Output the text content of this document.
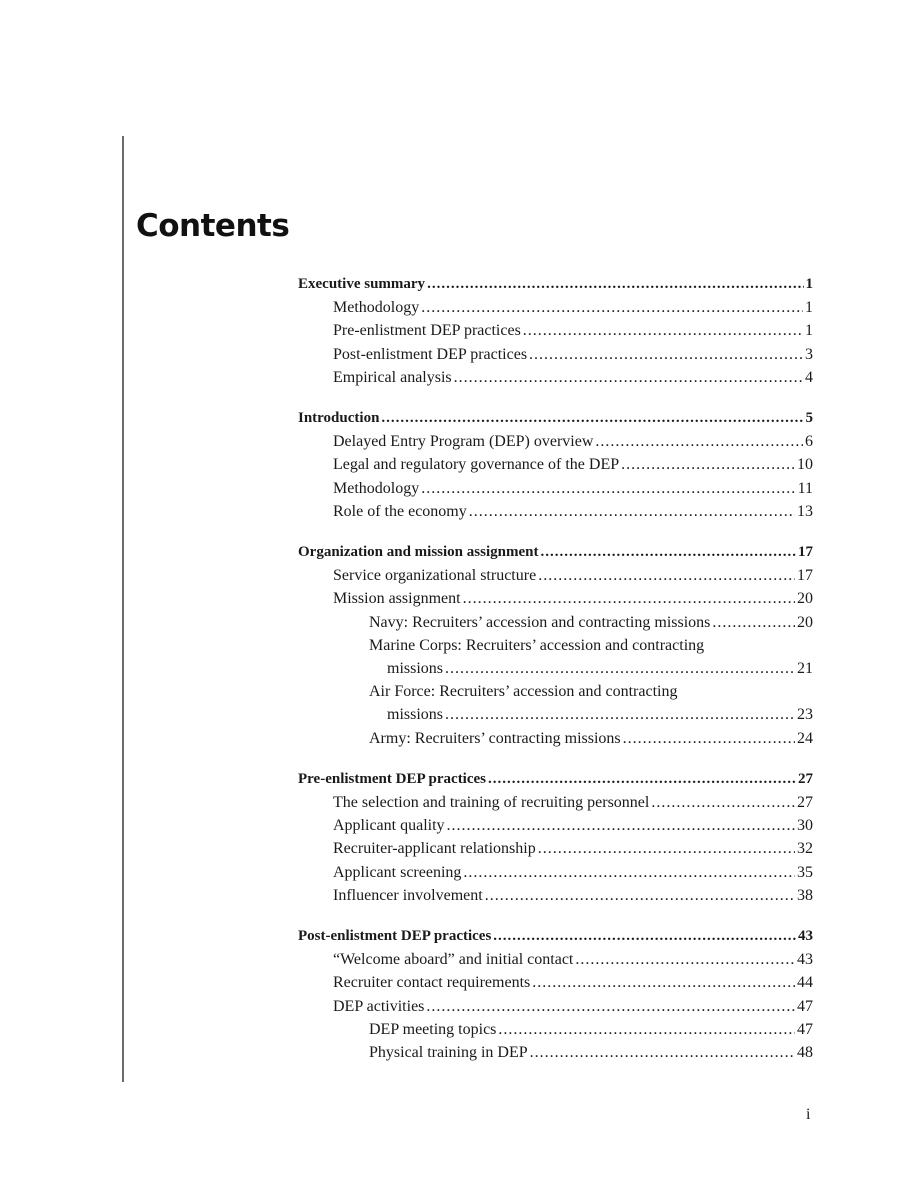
Contents
Executive summary .....	1
Methodology .....	1
Pre-enlistment DEP practices .....	1
Post-enlistment DEP practices .....	3
Empirical analysis .....	4
Introduction .....	5
Delayed Entry Program (DEP) overview .....	6
Legal and regulatory governance of the DEP .....	10
Methodology .....	11
Role of the economy .....	13
Organization and mission assignment .....	17
Service organizational structure .....	17
Mission assignment .....	20
Navy: Recruiters’ accession and contracting missions .....	20
Marine Corps: Recruiters’ accession and contracting
missions .....	21
Air Force: Recruiters’ accession and contracting
missions .....	23
Army: Recruiters’ contracting missions .....	24
Pre-enlistment DEP practices .....	27
The selection and training of recruiting personnel .....	27
Applicant quality .....	30
Recruiter-applicant relationship .....	32
Applicant screening .....	35
Influencer involvement .....	38
Post-enlistment DEP practices .....	43
“Welcome aboard” and initial contact .....	43
Recruiter contact requirements .....	44
DEP activities .....	47
DEP meeting topics .....	47
Physical training in DEP .....	48
i
